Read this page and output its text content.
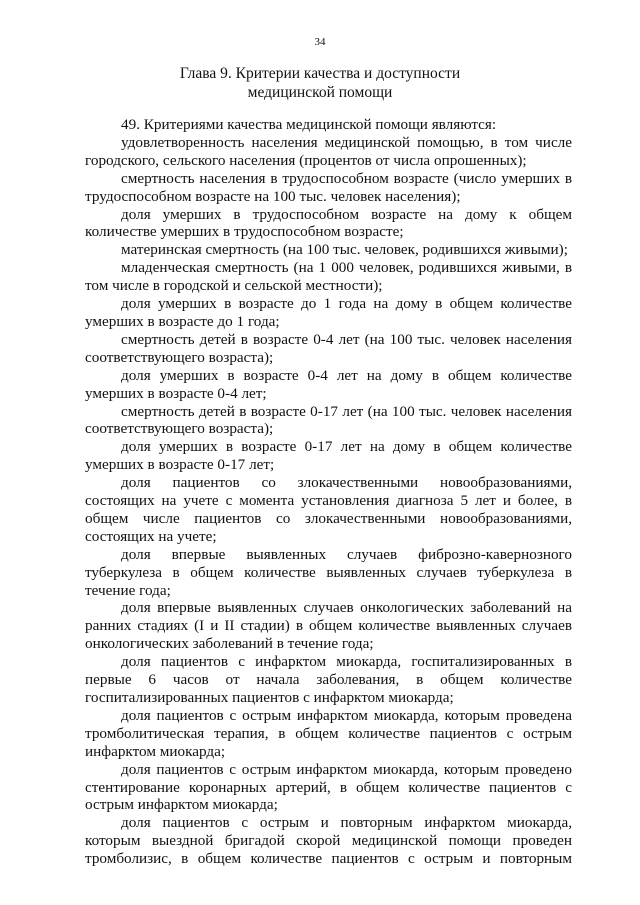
34
Глава 9. Критерии качества и доступности
медицинской помощи

49. Критериями качества медицинской помощи являются:

удовлетворенность населения медицинской помощью, в том числе городского, сельского населения (процентов от числа опрошенных);

смертность населения в трудоспособном возрасте (число умерших в трудоспособном возрасте на 100 тыс. человек населения);

доля умерших в трудоспособном возрасте на дому к общем количестве умерших в трудоспособном возрасте;

материнская смертность (на 100 тыс. человек, родившихся живыми);

младенческая смертность (на 1 000 человек, родившихся живыми, в том числе в городской и сельской местности);

доля умерших в возрасте до 1 года на дому в общем количестве умерших в возрасте до 1 года;

смертность детей в возрасте 0-4 лет (на 100 тыс. человек населения соответствующего возраста);

доля умерших в возрасте 0-4 лет на дому в общем количестве умерших в возрасте 0-4 лет;

смертность детей в возрасте 0-17 лет (на 100 тыс. человек населения соответствующего возраста);

доля умерших в возрасте 0-17 лет на дому в общем количестве умерших в возрасте 0-17 лет;

доля пациентов со злокачественными новообразованиями, состоящих на учете с момента установления диагноза 5 лет и более, в общем числе пациентов со злокачественными новообразованиями, состоящих на учете;

доля впервые выявленных случаев фиброзно-кавернозного туберкулеза в общем количестве выявленных случаев туберкулеза в течение года;

доля впервые выявленных случаев онкологических заболеваний на ранних стадиях (I и II стадии) в общем количестве выявленных случаев онкологических заболеваний в течение года;

доля пациентов с инфарктом миокарда, госпитализированных в первые 6 часов от начала заболевания, в общем количестве госпитализированных пациентов с инфарктом миокарда;

доля пациентов с острым инфарктом миокарда, которым проведена тромболитическая терапия, в общем количестве пациентов с острым инфарктом миокарда;

доля пациентов с острым инфарктом миокарда, которым проведено стентирование коронарных артерий, в общем количестве пациентов с острым инфарктом миокарда;

доля пациентов с острым и повторным инфарктом миокарда, которым выездной бригадой скорой медицинской помощи проведен тромболизис, в общем количестве пациентов с острым и повторным
